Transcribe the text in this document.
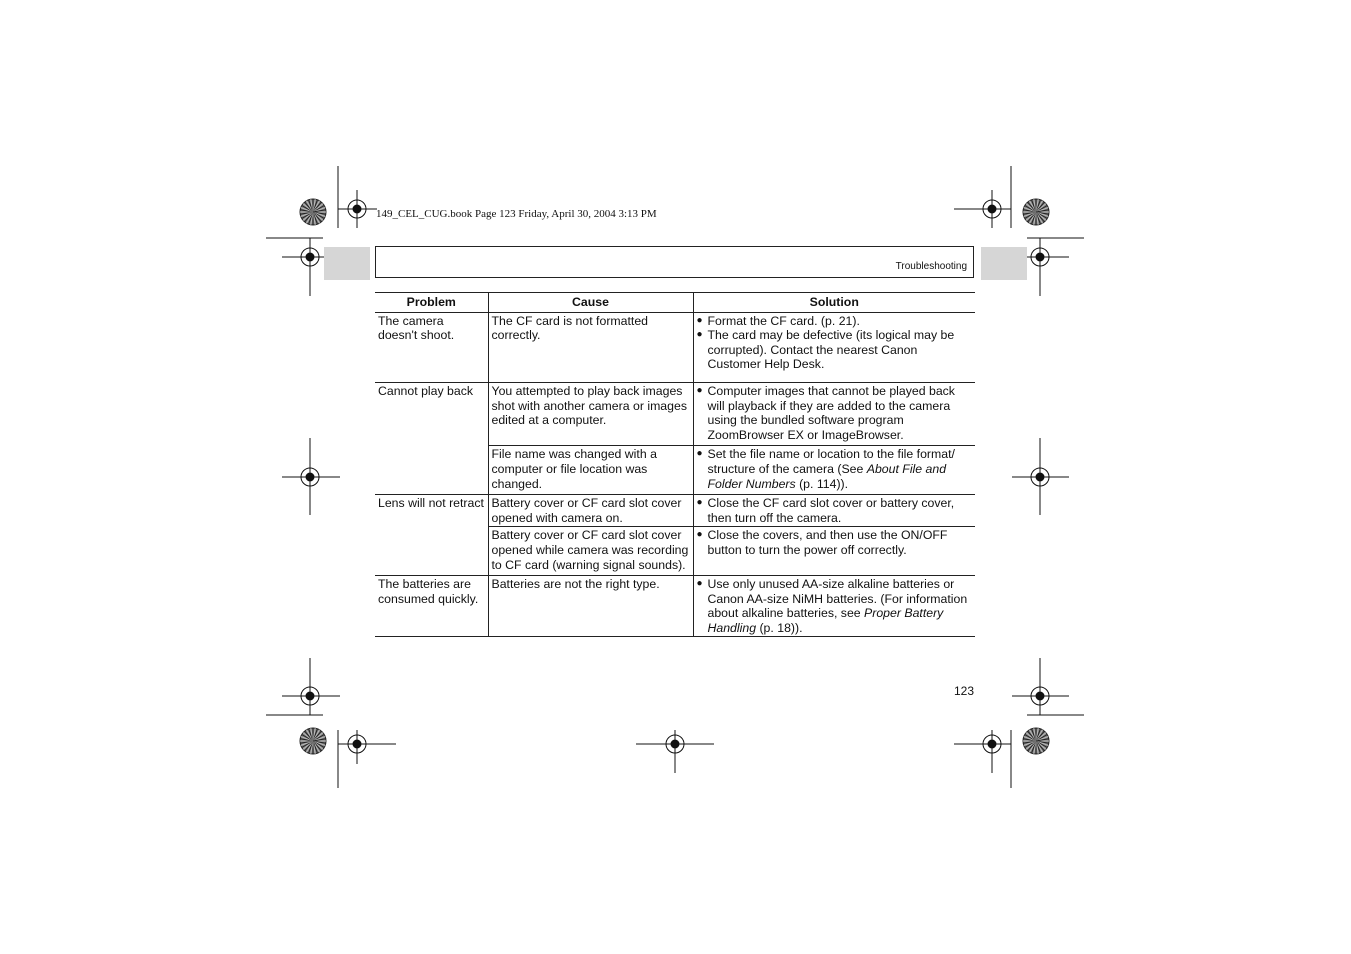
149_CEL_CUG.book Page 123 Friday, April 30, 2004 3:13 PM
Troubleshooting
Problem	Cause	Solution
The camera doesn't shoot.	The CF card is not formatted correctly.	● Format the CF card. (p. 21).
● The card may be defective (its logical may be corrupted). Contact the nearest Canon Customer Help Desk.

Cannot play back	You attempted to play back images shot with another camera or images edited at a computer.	● Computer images that cannot be played back will playback if they are added to the camera using the bundled software program ZoomBrowser EX or ImageBrowser.

	File name was changed with a computer or file location was changed.	● Set the file name or location to the file format/ structure of the camera (See About File and Folder Numbers (p. 114)).

Lens will not retract	Battery cover or CF card slot cover opened with camera on.	● Close the CF card slot cover or battery cover, then turn off the camera.

	Battery cover or CF card slot cover opened while camera was recording to CF card (warning signal sounds).	● Close the covers, and then use the ON/OFF button to turn the power off correctly.

The batteries are consumed quickly.	Batteries are not the right type.	● Use only unused AA-size alkaline batteries or Canon AA-size NiMH batteries. (For information about alkaline batteries, see Proper Battery Handling (p. 18)).
123
